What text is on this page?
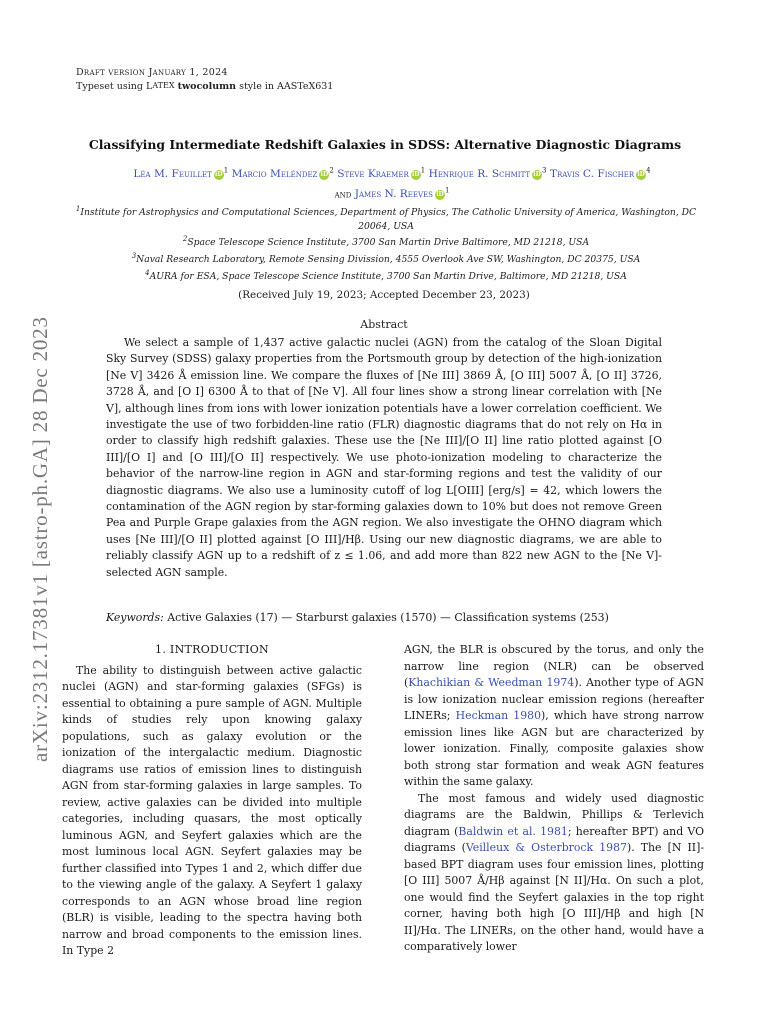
arXiv:2312.17381v1 [astro-ph.GA] 28 Dec 2023
Draft version January 1, 2024
Typeset using LATEX twocolumn style in AASTeX631
Classifying Intermediate Redshift Galaxies in SDSS: Alternative Diagnostic Diagrams
Léa M. Feuillet $iD^1$ Marcio Meléndez $iD^2$ Steve Kraemer $iD^1$ Henrique R. Schmitt $iD^3$ Travis C. Fischer $iD^4$
and James N. Reeves $iD^1$

$^1$Institute for Astrophysics and Computational Sciences, Department of Physics, The Catholic University of America, Washington, DC 20064, USA

$^2$Space Telescope Science Institute, 3700 San Martin Drive Baltimore, MD 21218, USA

$^3$Naval Research Laboratory, Remote Sensing Divission, 4555 Overlook Ave SW, Washington, DC 20375, USA

$^4$AURA for ESA, Space Telescope Science Institute, 3700 San Martin Drive, Baltimore, MD 21218, USA

(Received July 19, 2023; Accepted December 23, 2023)
Abstract

We select a sample of 1,437 active galactic nuclei (AGN) from the catalog of the Sloan Digital Sky Survey (SDSS) galaxy properties from the Portsmouth group by detection of the high-ionization [Ne V] 3426 Å emission line. We compare the fluxes of [Ne III] 3869 Å, [O III] 5007 Å, [O II] 3726, 3728 Å, and [O I] 6300 Å to that of [Ne V]. All four lines show a strong linear correlation with [Ne V], although lines from ions with lower ionization potentials have a lower correlation coefficient. We investigate the use of two forbidden-line ratio (FLR) diagnostic diagrams that do not rely on Hα in order to classify high redshift galaxies. These use the [Ne III]/[O II] line ratio plotted against [O III]/[O I] and [O III]/[O II] respectively. We use photo-ionization modeling to characterize the behavior of the narrow-line region in AGN and star-forming regions and test the validity of our diagnostic diagrams. We also use a luminosity cutoff of log L[OIII] [erg/s] = 42, which lowers the contamination of the AGN region by star-forming galaxies down to 10% but does not remove Green Pea and Purple Grape galaxies from the AGN region. We also investigate the OHNO diagram which uses [Ne III]/[O II] plotted against [O III]/Hβ. Using our new diagnostic diagrams, we are able to reliably classify AGN up to a redshift of z ≤ 1.06, and add more than 822 new AGN to the [Ne V]-selected AGN sample.

Keywords: Active Galaxies (17) — Starburst galaxies (1570) — Classification systems (253)
1. INTRODUCTION

The ability to distinguish between active galactic nuclei (AGN) and star-forming galaxies (SFGs) is essential to obtaining a pure sample of AGN. Multiple kinds of studies rely upon knowing galaxy populations, such as galaxy evolution or the ionization of the intergalactic medium. Diagnostic diagrams use ratios of emission lines to distinguish AGN from star-forming galaxies in large samples. To review, active galaxies can be divided into multiple categories, including quasars, the most optically luminous AGN, and Seyfert galaxies which are the most luminous local AGN. Seyfert galaxies may be further classified into Types 1 and 2, which differ due to the viewing angle of the galaxy. A Seyfert 1 galaxy corresponds to an AGN whose broad line region (BLR) is visible, leading to the spectra having both narrow and broad components to the emission lines. In Type 2

AGN, the BLR is obscured by the torus, and only the narrow line region (NLR) can be observed (Khachikian & Weedman 1974). Another type of AGN is low ionization nuclear emission regions (hereafter LINERs; Heckman 1980), which have strong narrow emission lines like AGN but are characterized by lower ionization. Finally, composite galaxies show both strong star formation and weak AGN features within the same galaxy.

The most famous and widely used diagnostic diagrams are the Baldwin, Phillips & Terlevich diagram (Baldwin et al. 1981; hereafter BPT) and VO diagrams (Veilleux & Osterbrock 1987). The [N II]-based BPT diagram uses four emission lines, plotting [O III] 5007 Å/Hβ against [N II]/Hα. On such a plot, one would find the Seyfert galaxies in the top right corner, having both high [O III]/Hβ and high [N II]/Hα. The LINERs, on the other hand, would have a comparatively lower
